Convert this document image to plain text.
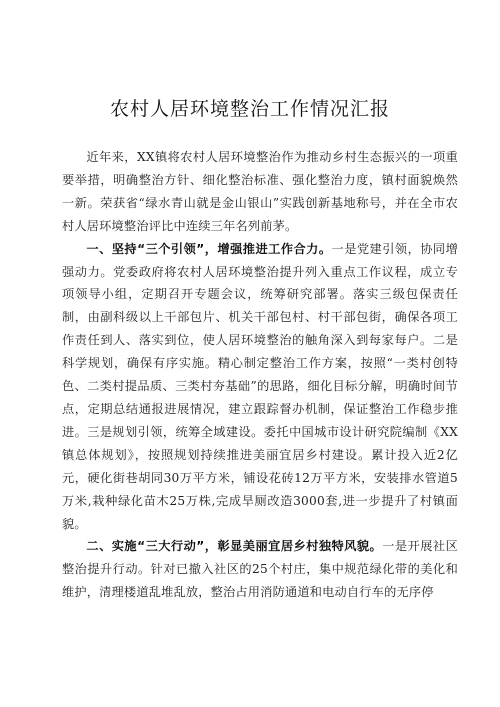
农村人居环境整治工作情况汇报

近年来，XX镇将农村人居环境整治作为推动乡村生态振兴的一项重要举措，明确整治方针、细化整治标准、强化整治力度，镇村面貌焕然一新。荣获省“绿水青山就是金山银山”实践创新基地称号，并在全市农村人居环境整治评比中连续三年名列前茅。

一、坚持“三个引领”，增强推进工作合力。一是党建引领，协同增强动力。党委政府将农村人居环境整治提升列入重点工作议程，成立专项领导小组，定期召开专题会议，统筹研究部署。落实三级包保责任制，由副科级以上干部包片、机关干部包村、村干部包街，确保各项工作责任到人、落实到位，使人居环境整治的触角深入到每家每户。二是科学规划，确保有序实施。精心制定整治工作方案，按照“一类村创特色、二类村提品质、三类村夯基础”的思路，细化目标分解，明确时间节点，定期总结通报进展情况，建立跟踪督办机制，保证整治工作稳步推进。三是规划引领，统筹全域建设。委托中国城市设计研究院编制《XX镇总体规划》，按照规划持续推进美丽宜居乡村建设。累计投入近2亿元，硬化街巷胡同30万平方米，铺设花砖12万平方米，安装排水管道5万米,栽种绿化苗木25万株,完成旱厕改造3000套,进一步提升了村镇面貌。

二、实施“三大行动”，彰显美丽宜居乡村独特风貌。一是开展社区整治提升行动。针对已撤入社区的25个村庄，集中规范绿化带的美化和维护，清理楼道乱堆乱放，整治占用消防通道和电动自行车的无序停
